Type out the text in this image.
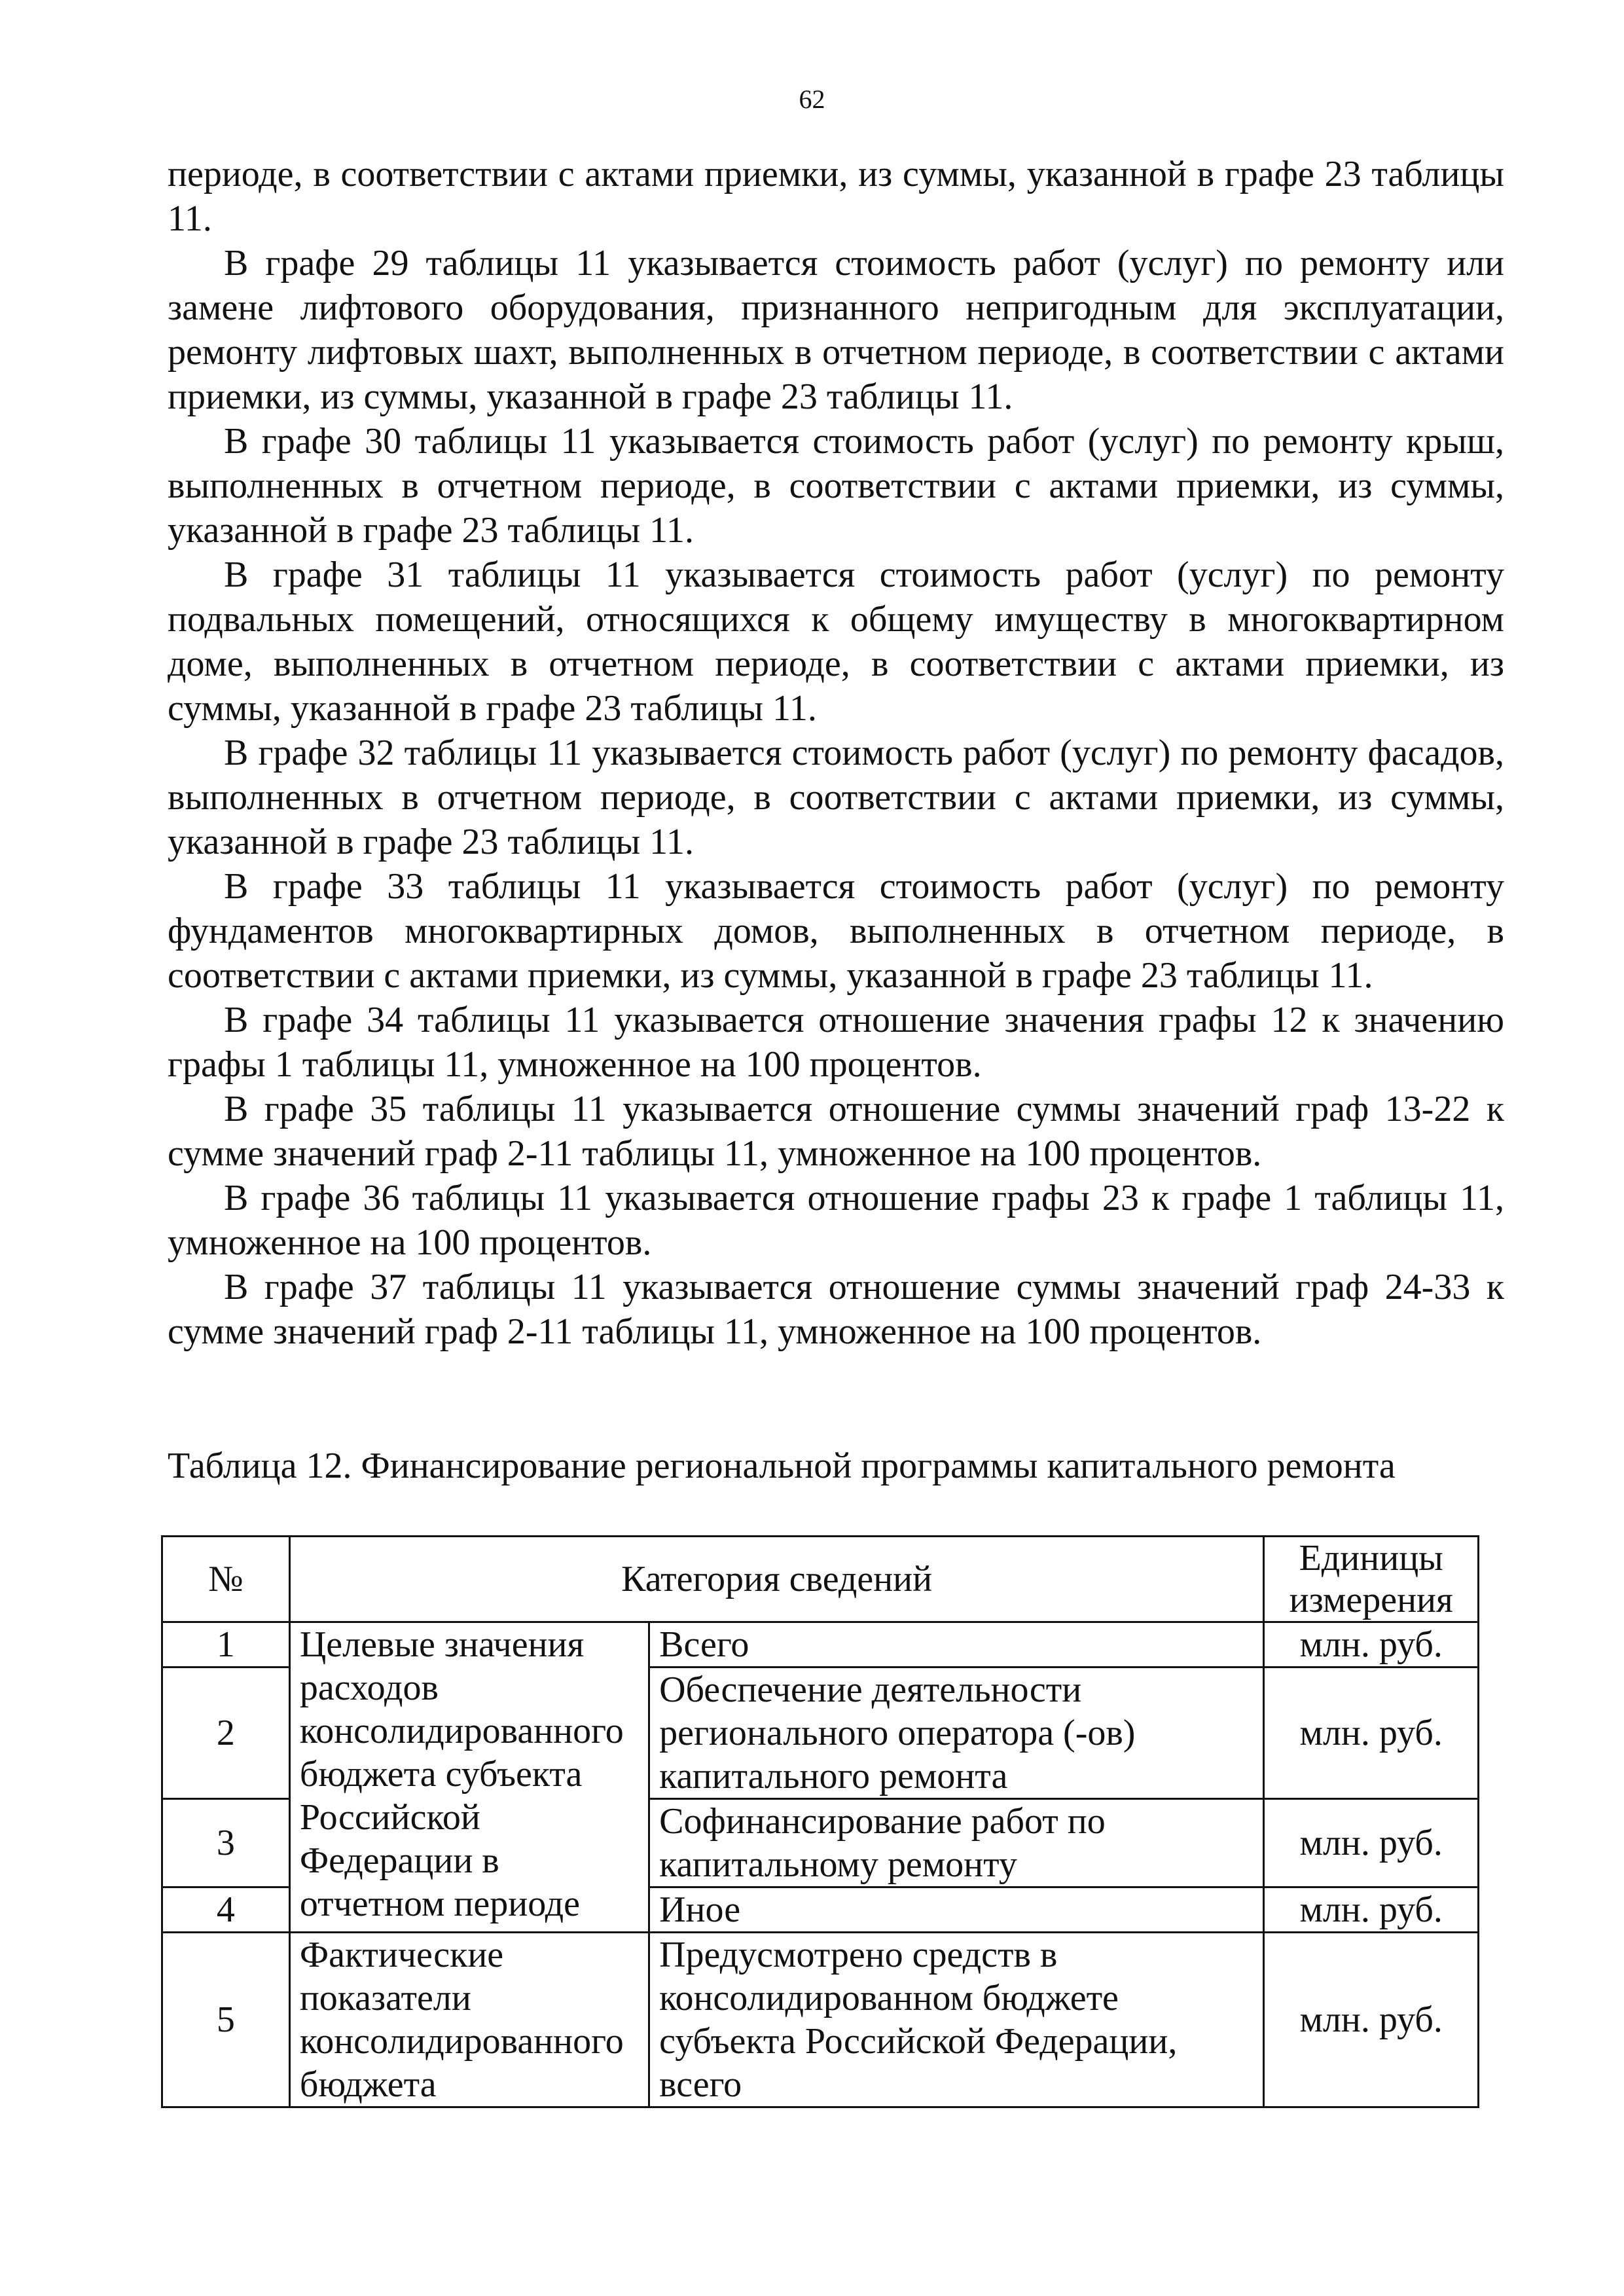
62

периоде, в соответствии с актами приемки, из суммы, указанной в графе 23 таблицы 11.

В графе 29 таблицы 11 указывается стоимость работ (услуг) по ремонту или замене лифтового оборудования, признанного непригодным для эксплуатации, ремонту лифтовых шахт, выполненных в отчетном периоде, в соответствии с актами приемки, из суммы, указанной в графе 23 таблицы 11.

В графе 30 таблицы 11 указывается стоимость работ (услуг) по ремонту крыш, выполненных в отчетном периоде, в соответствии с актами приемки, из суммы, указанной в графе 23 таблицы 11.

В графе 31 таблицы 11 указывается стоимость работ (услуг) по ремонту подвальных помещений, относящихся к общему имуществу в многоквартирном доме, выполненных в отчетном периоде, в соответствии с актами приемки, из суммы, указанной в графе 23 таблицы 11.

В графе 32 таблицы 11 указывается стоимость работ (услуг) по ремонту фасадов, выполненных в отчетном периоде, в соответствии с актами приемки, из суммы, указанной в графе 23 таблицы 11.

В графе 33 таблицы 11 указывается стоимость работ (услуг) по ремонту фундаментов многоквартирных домов, выполненных в отчетном периоде, в соответствии с актами приемки, из суммы, указанной в графе 23 таблицы 11.

В графе 34 таблицы 11 указывается отношение значения графы 12 к значению графы 1 таблицы 11, умноженное на 100 процентов.

В графе 35 таблицы 11 указывается отношение суммы значений граф 13-22 к сумме значений граф 2-11 таблицы 11, умноженное на 100 процентов.

В графе 36 таблицы 11 указывается отношение графы 23 к графе 1 таблицы 11, умноженное на 100 процентов.

В графе 37 таблицы 11 указывается отношение суммы значений граф 24-33 к сумме значений граф 2-11 таблицы 11, умноженное на 100 процентов.

Таблица 12. Финансирование региональной программы капитального ремонта
№	Категория сведений		Единицы измерения
1	Целевые значения расходов консолидированного бюджета субъекта Российской Федерации в отчетном периоде	Всего	млн. руб.
2		Обеспечение деятельности регионального оператора (-ов) капитального ремонта	млн. руб.
3		Софинансирование работ по капитальному ремонту	млн. руб.
4		Иное	млн. руб.
5	Фактические показатели консолидированного бюджета	Предусмотрено средств в консолидированном бюджете субъекта Российской Федерации, всего	млн. руб.
